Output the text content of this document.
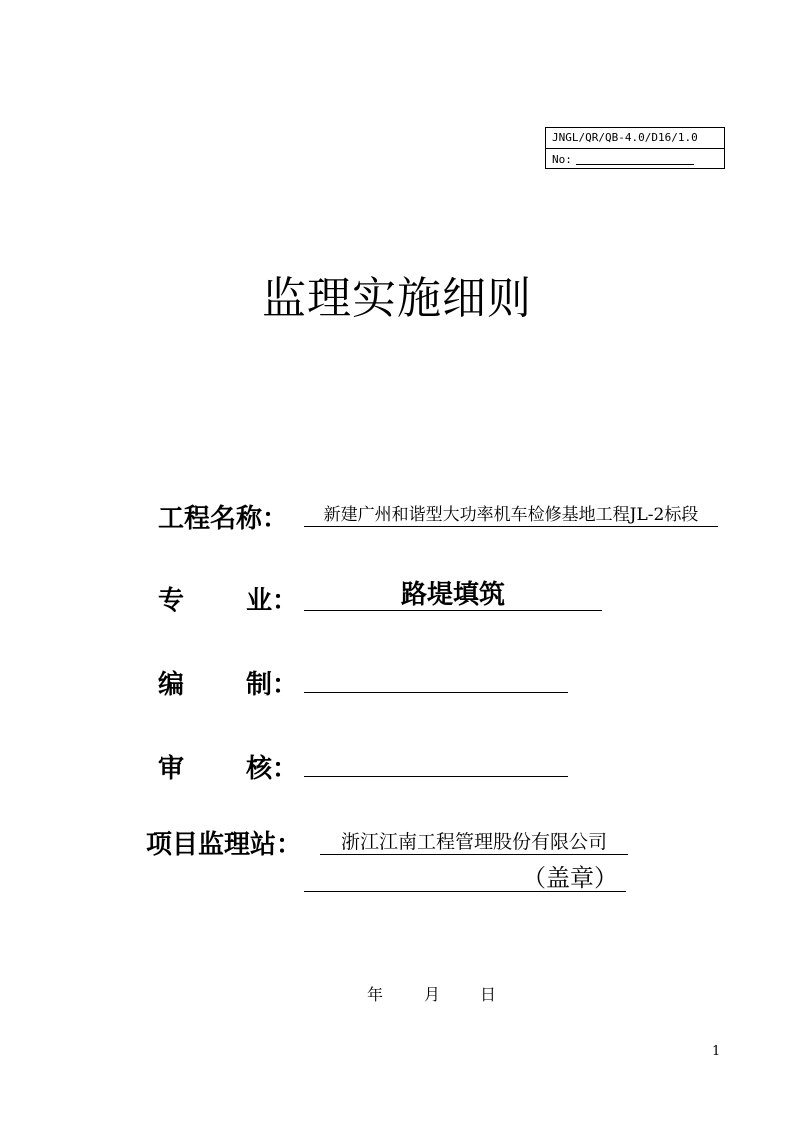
JNGL/QR/QB-4.0/D16/1.0
No:
监理实施细则
工程名称：	新建广州和谐型大功率机车检修基地工程JL-2标段
专 业：	路堤填筑
编 制：
审 核：
项目监理站：	浙江江南工程管理股份有限公司
（盖章）
年	月 日
1
